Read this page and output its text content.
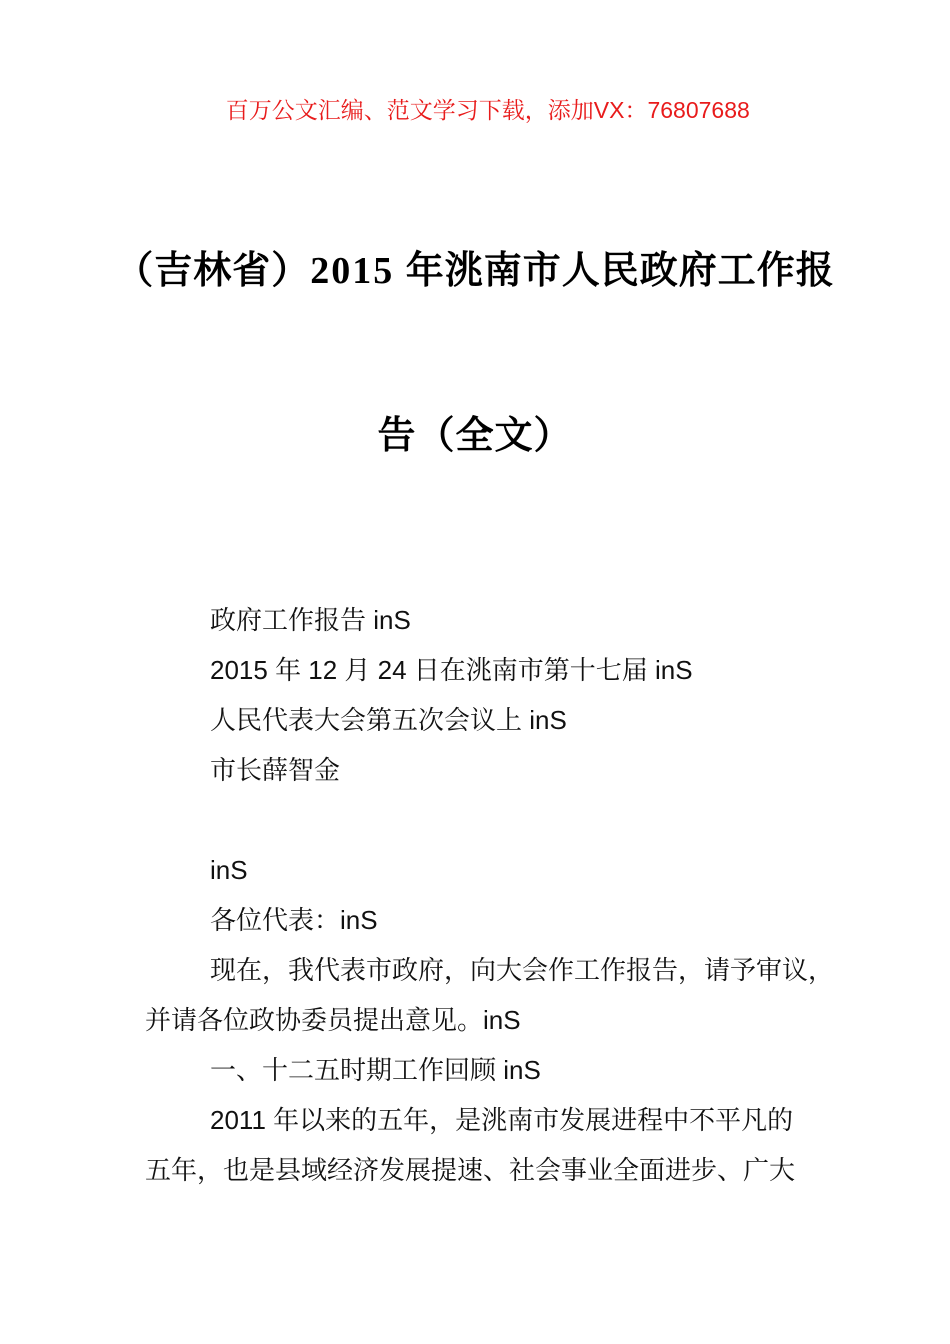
百万公文汇编、范文学习下载，添加VX：76807688

（吉林省）2015 年洮南市人民政府工作报

告（全文）

政府工作报告 inS
2015 年 12 月 24 日在洮南市第十七届 inS
人民代表大会第五次会议上 inS
市长薛智金
inS
各位代表：inS
现在，我代表市政府，向大会作工作报告，请予审议，
并请各位政协委员提出意见。inS
一、十二五时期工作回顾 inS
2011 年以来的五年，是洮南市发展进程中不平凡的
五年，也是县域经济发展提速、社会事业全面进步、广大
